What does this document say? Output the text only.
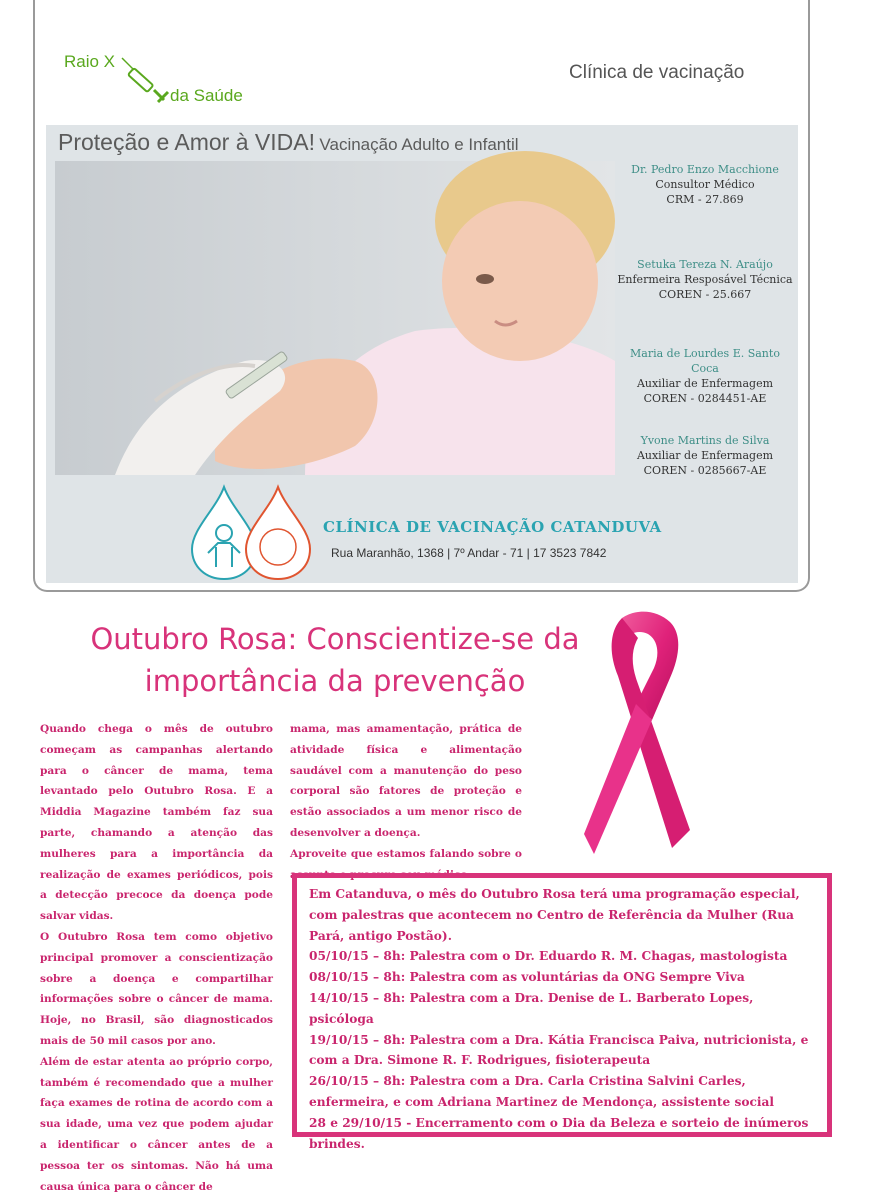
Raio X
da Saúde
Clínica de vacinação
Proteção e Amor à VIDA! Vacinação Adulto e Infantil
Dr. Pedro Enzo Macchione
Consultor Médico
CRM - 27.869
Setuka Tereza N. Araújo
Enfermeira Resposável Técnica
COREN - 25.667
Maria de Lourdes E. Santo Coca
Auxiliar de Enfermagem
COREN - 0284451-AE
Yvone Martins de Silva
Auxiliar de Enfermagem
COREN - 0285667-AE
CLÍNICA DE VACINAÇÃO CATANDUVA
Rua Maranhão, 1368 | 7º Andar - 71 | 17 3523 7842
Outubro Rosa: Conscientize-se da
importância da prevenção

Quando chega o mês de outubro começam as campanhas alertando para o câncer de mama, tema levantado pelo Outubro Rosa. E a Middia Magazine também faz sua parte, chamando a atenção das mulheres para a importância da realização de exames periódicos, pois a detecção precoce da doença pode salvar vidas.

O Outubro Rosa tem como objetivo principal promover a conscientização sobre a doença e compartilhar informações sobre o câncer de mama. Hoje, no Brasil, são diagnosticados mais de 50 mil casos por ano.

Além de estar atenta ao próprio corpo, também é recomendado que a mulher faça exames de rotina de acordo com a sua idade, uma vez que podem ajudar a identificar o câncer antes de a pessoa ter os sintomas. Não há uma causa única para o câncer de

mama, mas amamentação, prática de atividade física e alimentação saudável com a manutenção do peso corporal são fatores de proteção e estão associados a um menor risco de desenvolver a doença.

Aproveite que estamos falando sobre o assunto e procure seu médico.

Em Catanduva, o mês do Outubro Rosa terá uma programação especial, com palestras que acontecem no Centro de Referência da Mulher (Rua Pará, antigo Postão).

05/10/15 – 8h: Palestra com o Dr. Eduardo R. M. Chagas, mastologista

08/10/15 – 8h: Palestra com as voluntárias da ONG Sempre Viva

14/10/15 – 8h: Palestra com a Dra. Denise de L. Barberato Lopes, psicóloga

19/10/15 – 8h: Palestra com a Dra. Kátia Francisca Paiva, nutricionista, e com a Dra. Simone R. F. Rodrigues, fisioterapeuta

26/10/15 – 8h: Palestra com a Dra. Carla Cristina Salvini Carles, enfermeira, e com Adriana Martinez de Mendonça, assistente social

28 e 29/10/15 - Encerramento com o Dia da Beleza e sorteio de inúmeros brindes.
